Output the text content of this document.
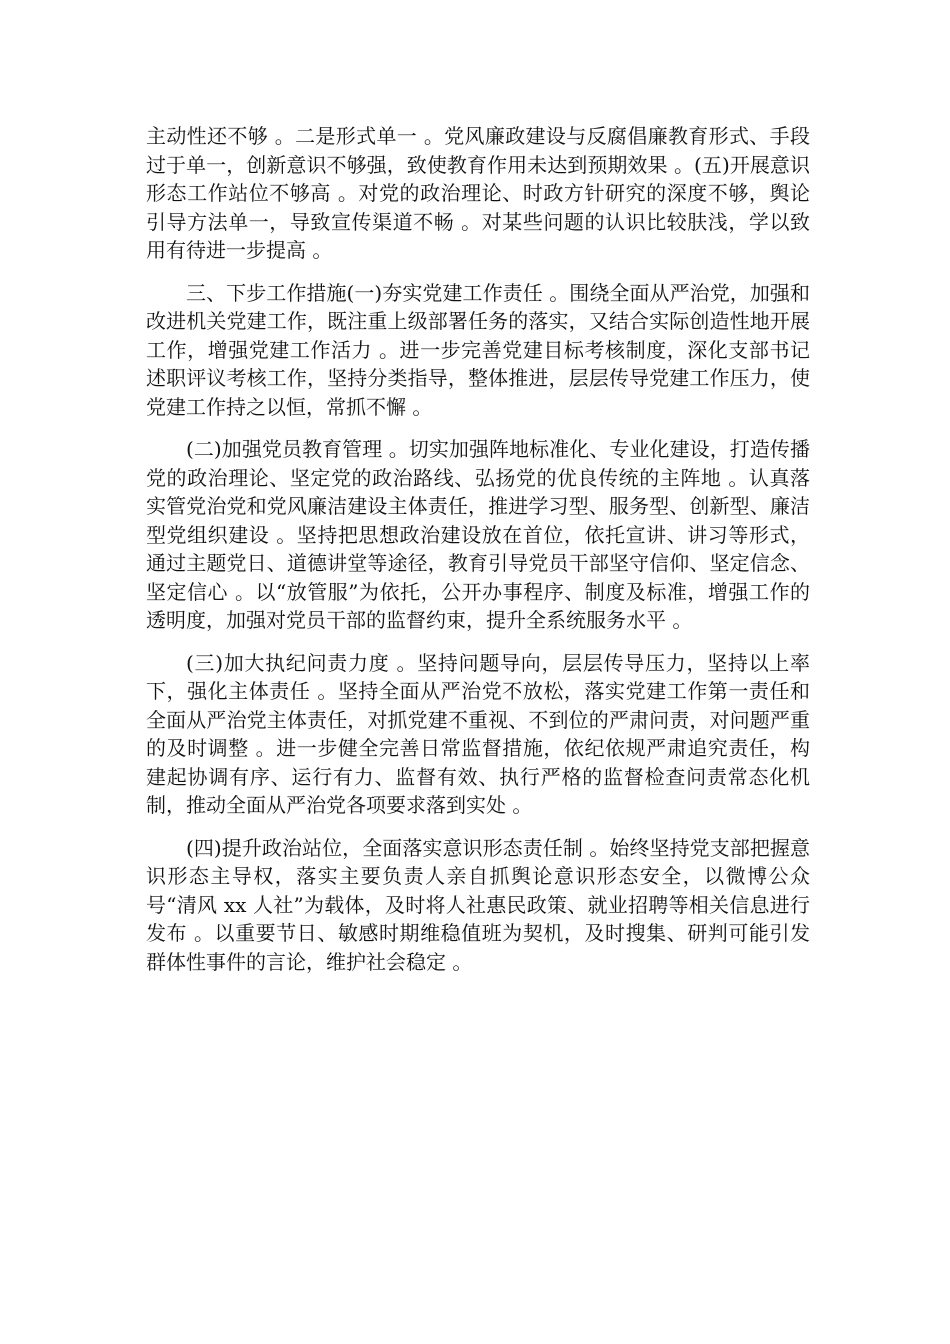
主动性还不够 。二是形式单一 。党风廉政建设与反腐倡廉教育形式、手段过于单一，创新意识不够强，致使教育作用未达到预期效果 。(五)开展意识形态工作站位不够高 。对党的政治理论、时政方针研究的深度不够，舆论引导方法单一，导致宣传渠道不畅 。对某些问题的认识比较肤浅，学以致用有待进一步提高 。

三、下步工作措施(一)夯实党建工作责任 。围绕全面从严治党，加强和改进机关党建工作，既注重上级部署任务的落实，又结合实际创造性地开展工作，增强党建工作活力 。进一步完善党建目标考核制度，深化支部书记述职评议考核工作，坚持分类指导，整体推进，层层传导党建工作压力，使党建工作持之以恒，常抓不懈 。

(二)加强党员教育管理 。切实加强阵地标准化、专业化建设，打造传播党的政治理论、坚定党的政治路线、弘扬党的优良传统的主阵地 。认真落实管党治党和党风廉洁建设主体责任，推进学习型、服务型、创新型、廉洁型党组织建设 。坚持把思想政治建设放在首位，依托宣讲、讲习等形式，通过主题党日、道德讲堂等途径，教育引导党员干部坚守信仰、坚定信念、坚定信心 。以“放管服”为依托，公开办事程序、制度及标准，增强工作的透明度，加强对党员干部的监督约束，提升全系统服务水平 。

(三)加大执纪问责力度 。坚持问题导向，层层传导压力，坚持以上率下，强化主体责任 。坚持全面从严治党不放松，落实党建工作第一责任和全面从严治党主体责任，对抓党建不重视、不到位的严肃问责，对问题严重的及时调整 。进一步健全完善日常监督措施，依纪依规严肃追究责任，构建起协调有序、运行有力、监督有效、执行严格的监督检查问责常态化机制，推动全面从严治党各项要求落到实处 。

(四)提升政治站位，全面落实意识形态责任制 。始终坚持党支部把握意识形态主导权，落实主要负责人亲自抓舆论意识形态安全，以微博公众号“清风 xx 人社”为载体，及时将人社惠民政策、就业招聘等相关信息进行发布 。以重要节日、敏感时期维稳值班为契机，及时搜集、研判可能引发群体性事件的言论，维护社会稳定 。
